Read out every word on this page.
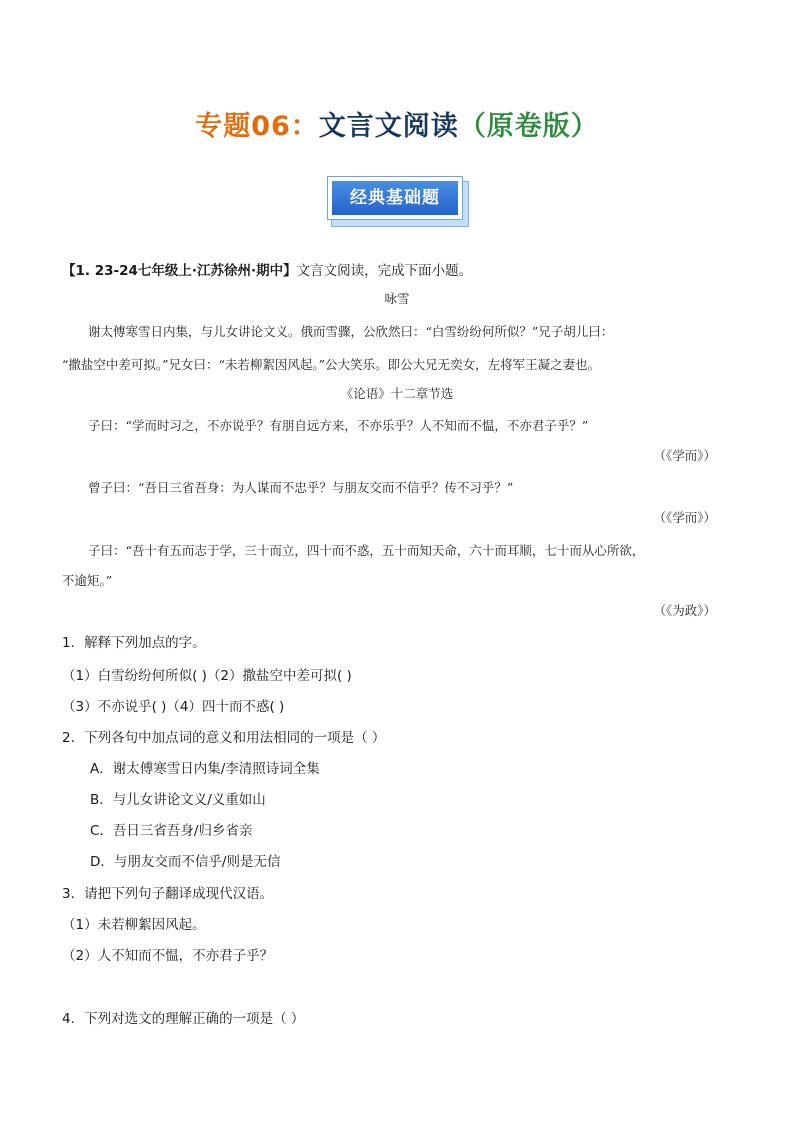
专题06：文言文阅读（原卷版）
经典基础题
【1. 23-24七年级上·江苏徐州·期中】文言文阅读，完成下面小题。
咏雪
谢太傅寒雪日内集，与儿女讲论文义。俄而雪骤，公欣然曰：“白雪纷纷何所似？”兄子胡儿曰：
“撒盐空中差可拟。”兄女曰：“未若柳絮因风起。”公大笑乐。即公大兄无奕女，左将军王凝之妻也。
《论语》十二章节选
子曰：“学而时习之，不亦说乎？有朋自远方来，不亦乐乎？人不知而不愠，不亦君子乎？”
（《学而》）
曾子曰：“吾日三省吾身：为人谋而不忠乎？与朋友交而不信乎？传不习乎？”
（《学而》）
子曰：“吾十有五而志于学，三十而立，四十而不惑，五十而知天命，六十而耳顺，七十而从心所欲，
不逾矩。”
（《为政》）
1．解释下列加点的字。
（1）白雪纷纷何所似( )（2）撒盐空中差可拟( )
（3）不亦说乎( )（4）四十而不惑( )
2．下列各句中加点词的意义和用法相同的一项是（ ）
A．谢太傅寒雪日内集/李清照诗词全集
B．与儿女讲论文义/义重如山
C．吾日三省吾身/归乡省亲
D．与朋友交而不信乎/则是无信
3．请把下列句子翻译成现代汉语。
（1）未若柳絮因风起。
（2）人不知而不愠，不亦君子乎？
4．下列对选文的理解正确的一项是（ ）
